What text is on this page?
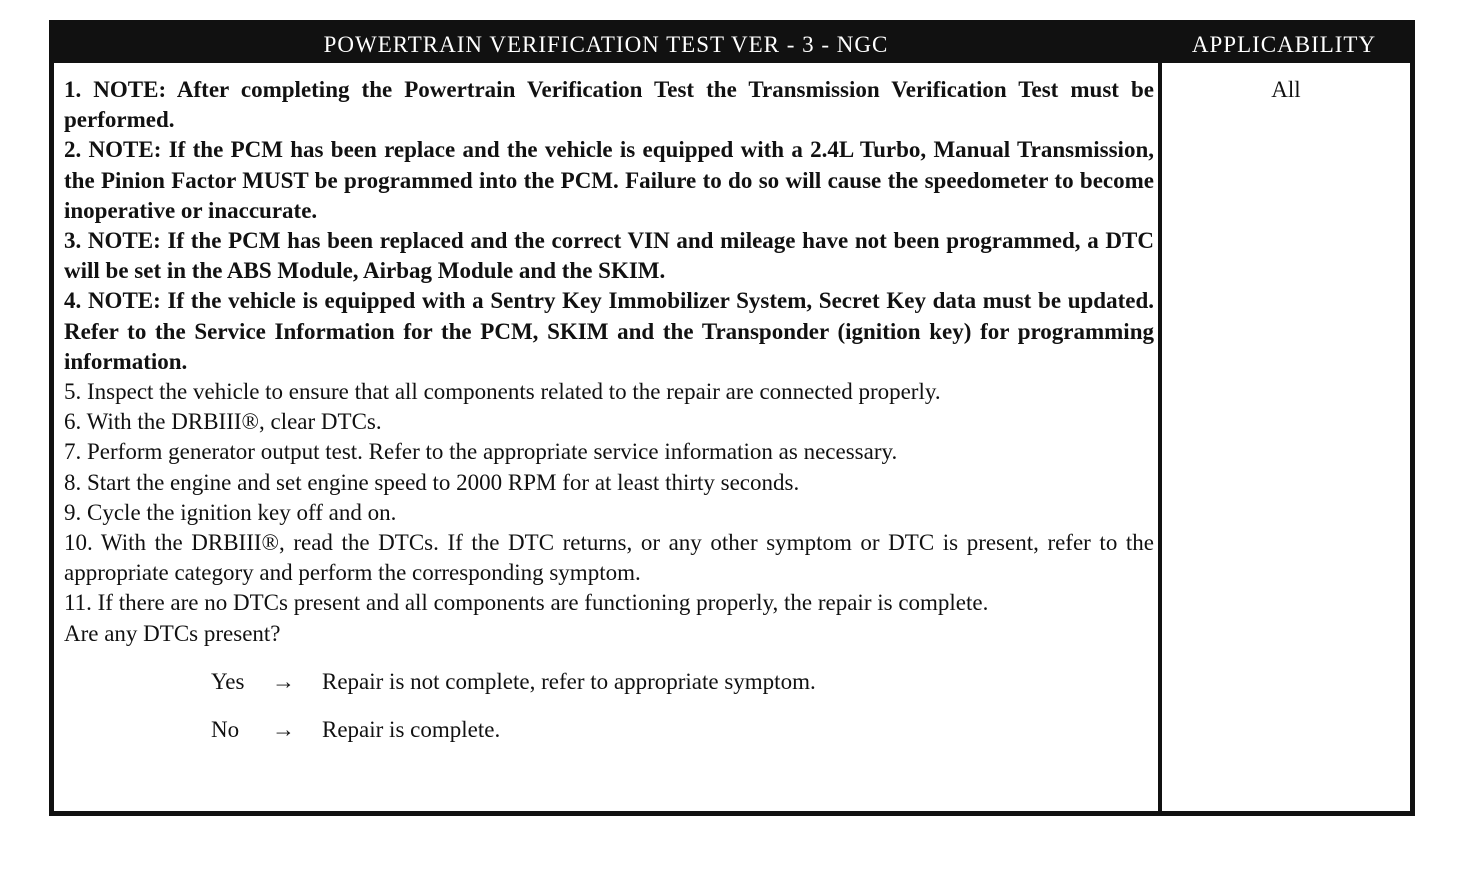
POWERTRAIN VERIFICATION TEST VER - 3 - NGC	APPLICABILITY

1. NOTE: After completing the Powertrain Verification Test the Transmission Verification Test must be performed.

2. NOTE: If the PCM has been replace and the vehicle is equipped with a 2.4L Turbo, Manual Transmission, the Pinion Factor MUST be programmed into the PCM. Failure to do so will cause the speedometer to become inoperative or inaccurate.

3. NOTE: If the PCM has been replaced and the correct VIN and mileage have not been programmed, a DTC will be set in the ABS Module, Airbag Module and the SKIM.

4. NOTE: If the vehicle is equipped with a Sentry Key Immobilizer System, Secret Key data must be updated. Refer to the Service Information for the PCM, SKIM and the Transponder (ignition key) for programming information.

5. Inspect the vehicle to ensure that all components related to the repair are connected properly.

6. With the DRBIII®, clear DTCs.

7. Perform generator output test. Refer to the appropriate service information as necessary.

8. Start the engine and set engine speed to 2000 RPM for at least thirty seconds.

9. Cycle the ignition key off and on.

10. With the DRBIII®, read the DTCs. If the DTC returns, or any other symptom or DTC is present, refer to the appropriate category and perform the corresponding symptom.

11. If there are no DTCs present and all components are functioning properly, the repair is complete.

Are any DTCs present?

Yes → Repair is not complete, refer to appropriate symptom.
No → Repair is complete.
All
